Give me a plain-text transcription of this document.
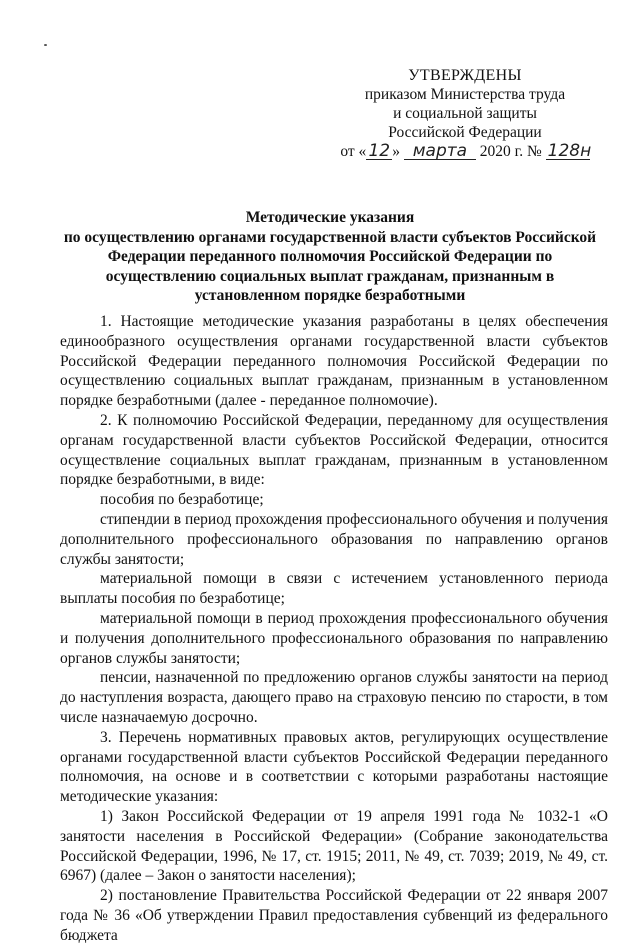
УТВЕРЖДЕНЫ
приказом Министерства труда
и социальной защиты
Российской Федерации
от « 12 » марта 2020 г. № 128н
Методические указания
по осуществлению органами государственной власти субъектов Российской Федерации переданного полномочия Российской Федерации по осуществлению социальных выплат гражданам, признанным в установленном порядке безработными

1. Настоящие методические указания разработаны в целях обеспечения единообразного осуществления органами государственной власти субъектов Российской Федерации переданного полномочия Российской Федерации по осуществлению социальных выплат гражданам, признанным в установленном порядке безработными (далее - переданное полномочие).

2. К полномочию Российской Федерации, переданному для осуществления органам государственной власти субъектов Российской Федерации, относится осуществление социальных выплат гражданам, признанным в установленном порядке безработными, в виде:

пособия по безработице;

стипендии в период прохождения профессионального обучения и получения дополнительного профессионального образования по направлению органов службы занятости;

материальной помощи в связи с истечением установленного периода выплаты пособия по безработице;

материальной помощи в период прохождения профессионального обучения и получения дополнительного профессионального образования по направлению органов службы занятости;

пенсии, назначенной по предложению органов службы занятости на период до наступления возраста, дающего право на страховую пенсию по старости, в том числе назначаемую досрочно.

3. Перечень нормативных правовых актов, регулирующих осуществление органами государственной власти субъектов Российской Федерации переданного полномочия, на основе и в соответствии с которыми разработаны настоящие методические указания:

1) Закон Российской Федерации от 19 апреля 1991 года № 1032-1 «О занятости населения в Российской Федерации» (Собрание законодательства Российской Федерации, 1996, № 17, ст. 1915; 2011, № 49, ст. 7039; 2019, № 49, ст. 6967) (далее – Закон о занятости населения);

2) постановление Правительства Российской Федерации от 22 января 2007 года № 36 «Об утверждении Правил предоставления субвенций из федерального бюджета
